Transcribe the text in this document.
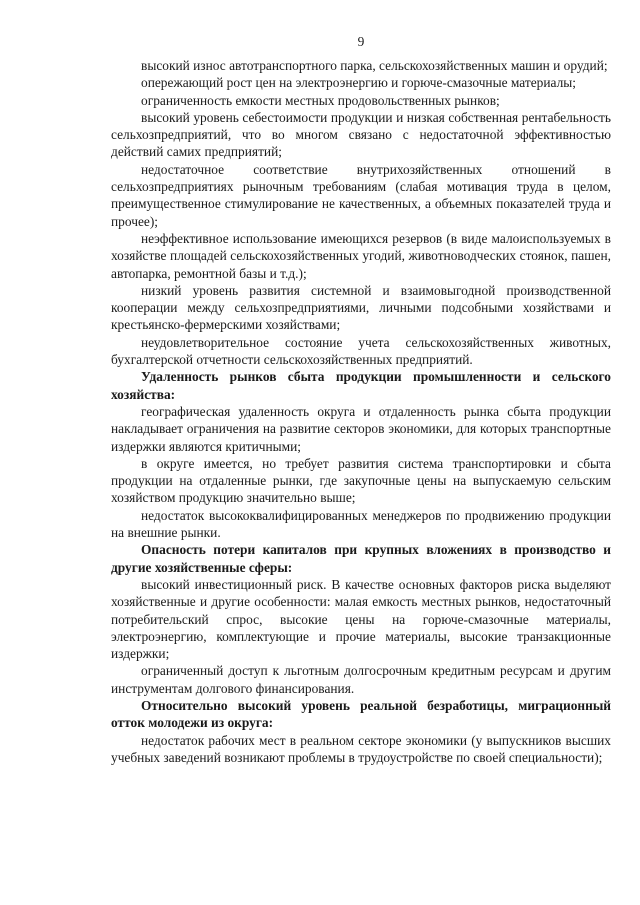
9

высокий износ автотранспортного парка, сельскохозяйственных машин и орудий;

опережающий рост цен на электроэнергию и горюче-смазочные материалы;

ограниченность емкости местных продовольственных рынков;

высокий уровень себестоимости продукции и низкая собственная рентабельность сельхозпредприятий, что во многом связано с недостаточной эффективностью действий самих предприятий;

недостаточное соответствие внутрихозяйственных отношений в сельхозпредприятиях рыночным требованиям (слабая мотивация труда в целом, преимущественное стимулирование не качественных, а объемных показателей труда и прочее);

неэффективное использование имеющихся резервов (в виде малоиспользуемых в хозяйстве площадей сельскохозяйственных угодий, животноводческих стоянок, пашен, автопарка, ремонтной базы и т.д.);

низкий уровень развития системной и взаимовыгодной производственной кооперации между сельхозпредприятиями, личными подсобными хозяйствами и крестьянско-фермерскими хозяйствами;

неудовлетворительное состояние учета сельскохозяйственных животных, бухгалтерской отчетности сельскохозяйственных предприятий.

Удаленность рынков сбыта продукции промышленности и сельского хозяйства:

географическая удаленность округа и отдаленность рынка сбыта продукции накладывает ограничения на развитие секторов экономики, для которых транспортные издержки являются критичными;

в округе имеется, но требует развития система транспортировки и сбыта продукции на отдаленные рынки, где закупочные цены на выпускаемую сельским хозяйством продукцию значительно выше;

недостаток высококвалифицированных менеджеров по продвижению продукции на внешние рынки.

Опасность потери капиталов при крупных вложениях в производство и другие хозяйственные сферы:

высокий инвестиционный риск. В качестве основных факторов риска выделяют хозяйственные и другие особенности: малая емкость местных рынков, недостаточный потребительский спрос, высокие цены на горюче-смазочные материалы, электроэнергию, комплектующие и прочие материалы, высокие транзакционные издержки;

ограниченный доступ к льготным долгосрочным кредитным ресурсам и другим инструментам долгового финансирования.

Относительно высокий уровень реальной безработицы, миграционный отток молодежи из округа:

недостаток рабочих мест в реальном секторе экономики (у выпускников высших учебных заведений возникают проблемы в трудоустройстве по своей специальности);
